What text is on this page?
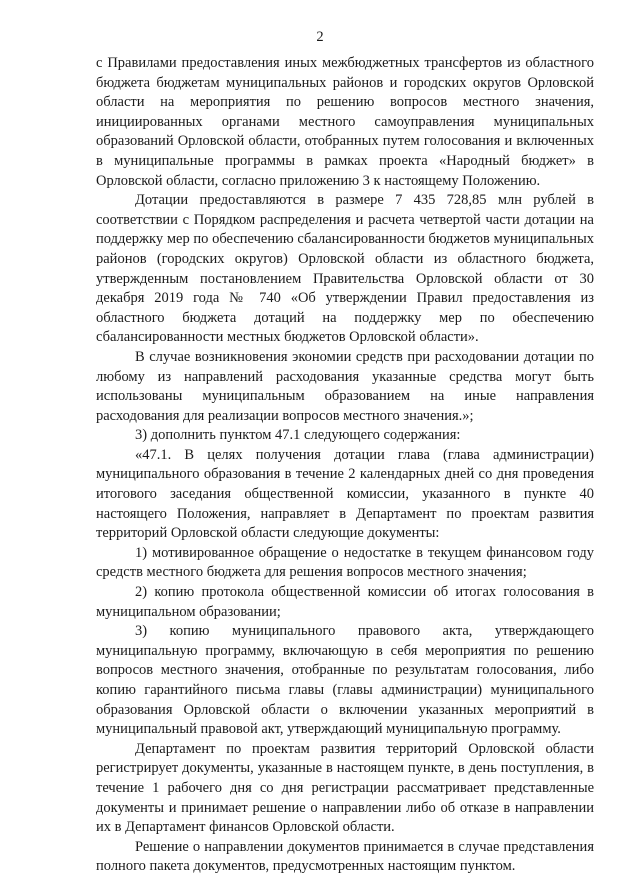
2

с Правилами предоставления иных межбюджетных трансфертов из областного бюджета бюджетам муниципальных районов и городских округов Орловской области на мероприятия по решению вопросов местного значения, инициированных органами местного самоуправления муниципальных образований Орловской области, отобранных путем голосования и включенных в муниципальные программы в рамках проекта «Народный бюджет» в Орловской области, согласно приложению 3 к настоящему Положению.

Дотации предоставляются в размере 7 435 728,85 млн рублей в соответствии с Порядком распределения и расчета четвертой части дотации на поддержку мер по обеспечению сбалансированности бюджетов муниципальных районов (городских округов) Орловской области из областного бюджета, утвержденным постановлением Правительства Орловской области от 30 декабря 2019 года № 740 «Об утверждении Правил предоставления из областного бюджета дотаций на поддержку мер по обеспечению сбалансированности местных бюджетов Орловской области».

В случае возникновения экономии средств при расходовании дотации по любому из направлений расходования указанные средства могут быть использованы муниципальным образованием на иные направления расходования для реализации вопросов местного значения.»;

3) дополнить пунктом 47.1 следующего содержания:

«47.1. В целях получения дотации глава (глава администрации) муниципального образования в течение 2 календарных дней со дня проведения итогового заседания общественной комиссии, указанного в пункте 40 настоящего Положения, направляет в Департамент по проектам развития территорий Орловской области следующие документы:

1) мотивированное обращение о недостатке в текущем финансовом году средств местного бюджета для решения вопросов местного значения;

2) копию протокола общественной комиссии об итогах голосования в муниципальном образовании;

3) копию муниципального правового акта, утверждающего муниципальную программу, включающую в себя мероприятия по решению вопросов местного значения, отобранные по результатам голосования, либо копию гарантийного письма главы (главы администрации) муниципального образования Орловской области о включении указанных мероприятий в муниципальный правовой акт, утверждающий муниципальную программу.

Департамент по проектам развития территорий Орловской области регистрирует документы, указанные в настоящем пункте, в день поступления, в течение 1 рабочего дня со дня регистрации рассматривает представленные документы и принимает решение о направлении либо об отказе в направлении их в Департамент финансов Орловской области.

Решение о направлении документов принимается в случае представления полного пакета документов, предусмотренных настоящим пунктом.
